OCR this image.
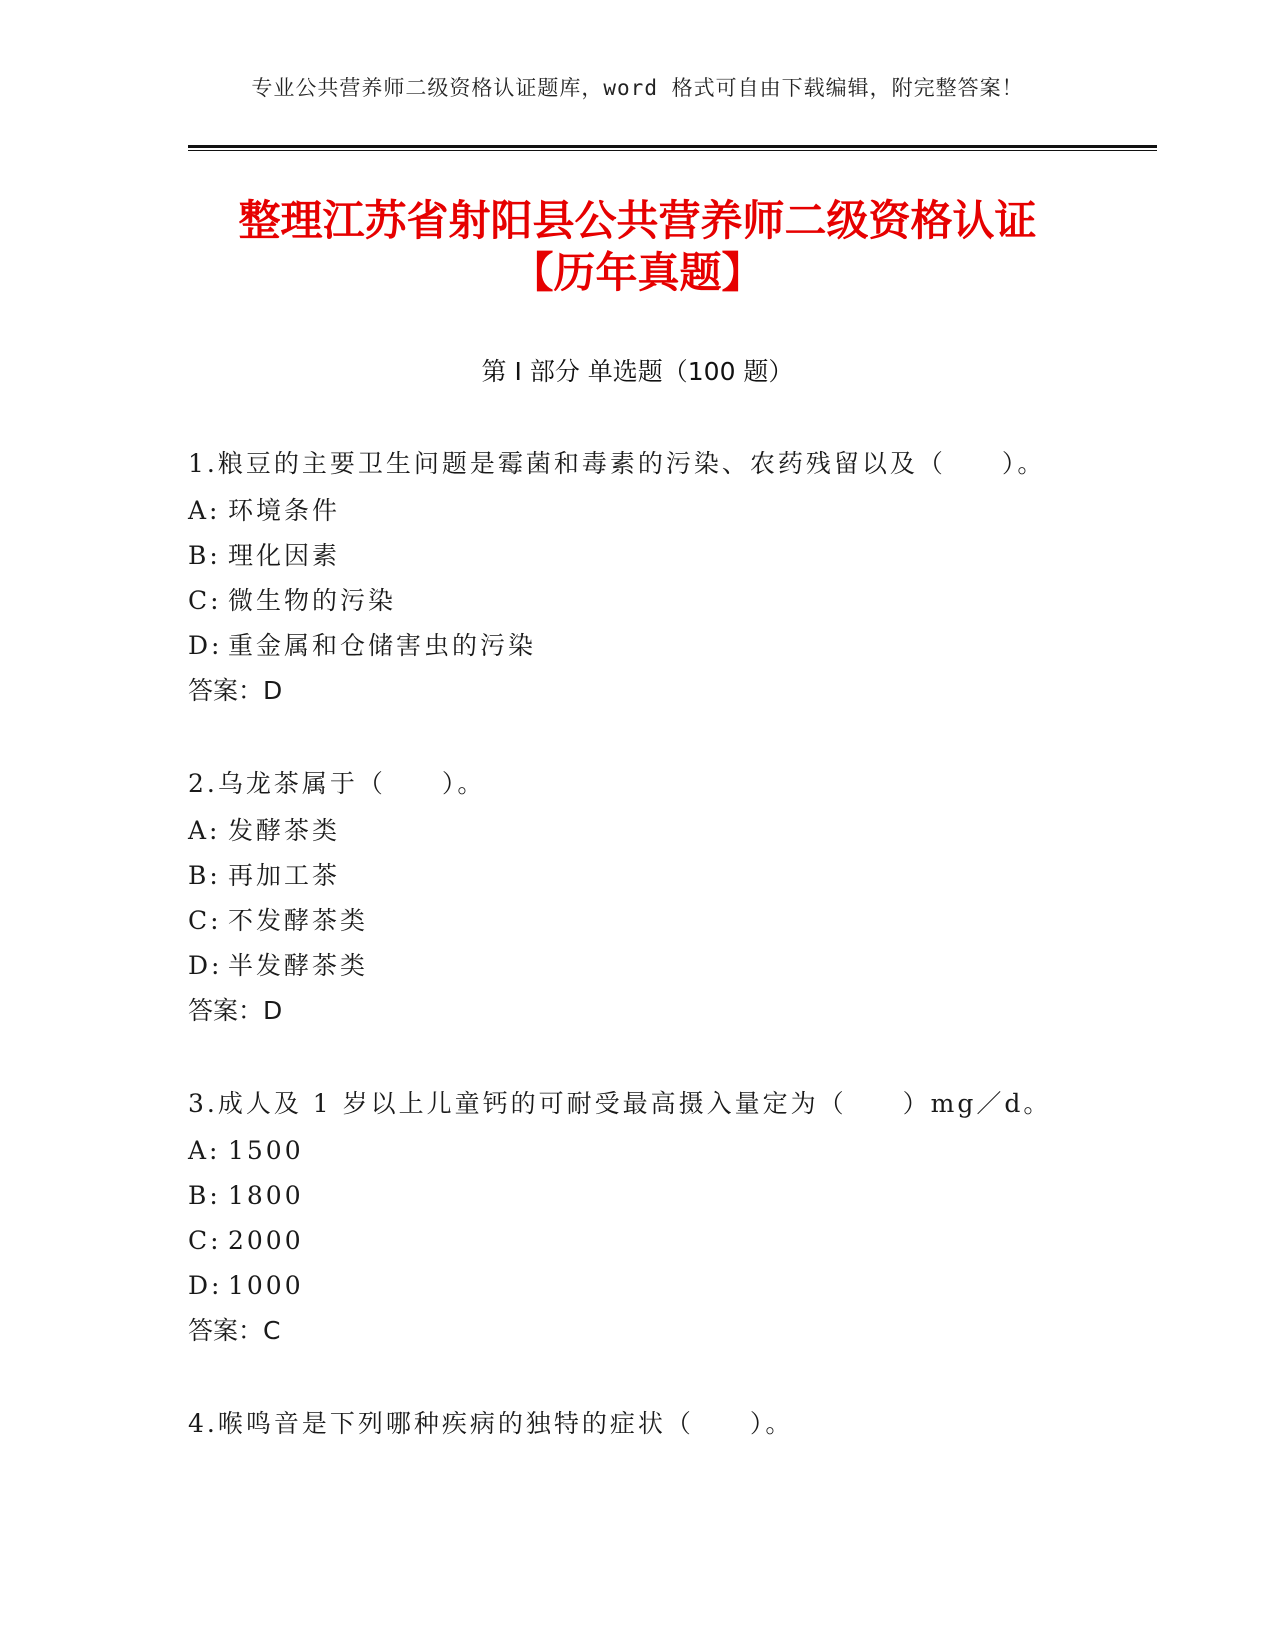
专业公共营养师二级资格认证题库，word 格式可自由下载编辑，附完整答案！
整理江苏省射阳县公共营养师二级资格认证
【历年真题】
第 I 部分 单选题（100 题）

1.粮豆的主要卫生问题是霉菌和毒素的污染、农药残留以及（　　）。

A: 环境条件

B: 理化因素

C: 微生物的污染

D: 重金属和仓储害虫的污染

答案：D

2.乌龙茶属于（　　）。

A: 发酵茶类

B: 再加工茶

C: 不发酵茶类

D: 半发酵茶类

答案：D

3.成人及 1 岁以上儿童钙的可耐受最高摄入量定为（　　）mg／d。

A: 1500

B: 1800

C: 2000

D: 1000

答案：C

4.喉鸣音是下列哪种疾病的独特的症状（　　）。
